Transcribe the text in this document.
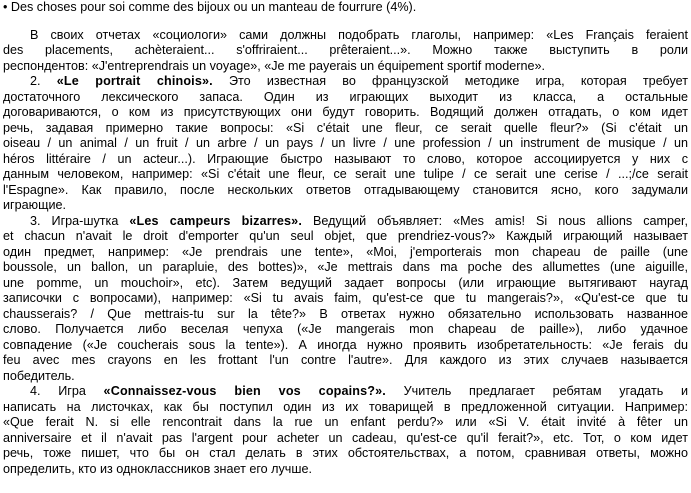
• Des choses pour soi comme des bijoux ou un manteau de fourrure (4%).
В своих отчетах «социологи» сами должны подобрать глаголы, например: «Les Français feraient
des placements, achèteraient... s'offriraient... prêteraient...». Можно также выступить в роли
респондентов: «J'entreprendrais un voyage», «Je me payerais un équipement sportif moderne».
2. «Le portrait chinois». Это известная во французской методике игра, которая требует
достаточного лексического запаса. Один из играющих выходит из класса, а остальные
договариваются, о ком из присутствующих они будут говорить. Водящий должен отгадать, о ком идет
речь, задавая примерно такие вопросы: «Si c'était une fleur, ce serait quelle fleur?» (Si c'était un
oiseau / un animal / un fruit / un arbre / un pays / un livre / une profession / un instrument de musique / un
héros littéraire / un acteur...). Играющие быстро называют то слово, которое ассоциируется у них с
данным человеком, например: «Si c'était une fleur, ce serait une tulipe / ce serait une cerise / ...;/ce serait
l'Espagne». Как правило, после нескольких ответов отгадывающему становится ясно, кого задумали
играющие.
3. Игра-шутка «Les campeurs bizarres». Ведущий объявляет: «Mes amis! Si nous allions camper,
et chacun n'avait le droit d'emporter qu'un seul objet, que prendriez-vous?» Каждый играющий называет
один предмет, например: «Je prendrais une tente», «Moi, j'emporterais mon chapeau de paille (une
boussole, un ballon, un parapluie, des bottes)», «Je mettrais dans ma poche des allumettes (une aiguille,
une pomme, un mouchoir», etc). Затем ведущий задает вопросы (или играющие вытягивают наугад
записочки с вопросами), например: «Si tu avais faim, qu'est-ce que tu mangerais?», «Qu'est-ce que tu
chausserais? / Que mettrais-tu sur la tête?» В ответах нужно обязательно использовать названное
слово. Получается либо веселая чепуха («Je mangerais mon chapeau de paille»), либо удачное
совпадение («Je coucherais sous la tente»). А иногда нужно проявить изобретательность: «Je ferais du
feu avec mes crayons en les frottant l'un contre l'autre». Для каждого из этих случаев называется
победитель.
4. Игра «Connaissez-vous bien vos copains?». Учитель предлагает ребятам угадать и
написать на листочках, как бы поступил один из их товарищей в предложенной ситуации. Например:
«Que ferait N. si elle rencontrait dans la rue un enfant perdu?» или «Si V. était invité à fêter un
anniversaire et il n'avait pas l'argent pour acheter un cadeau, qu'est-ce qu'il ferait?», etc. Тот, о ком идет
речь, тоже пишет, что бы он стал делать в этих обстоятельствах, а потом, сравнивая ответы, можно
определить, кто из одноклассников знает его лучше.
